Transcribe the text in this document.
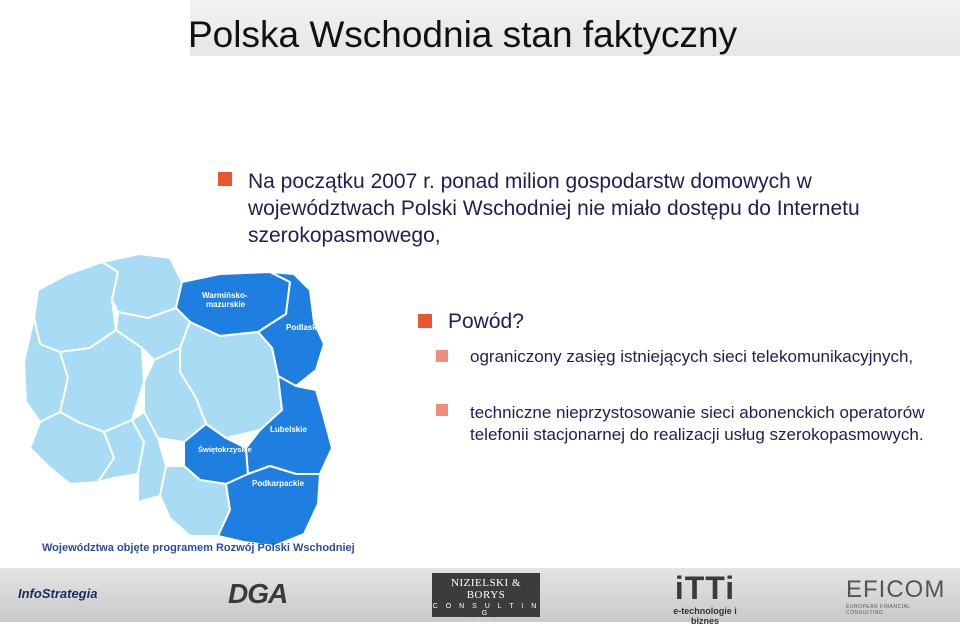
Polska Wschodnia stan faktyczny
Na początku 2007 r. ponad milion gospodarstw domowych w województwach Polski Wschodniej nie miało dostępu do Internetu szerokopasmowego,
Warmińsko-
mazurskie
Podlaskie
Lubelskie
Świętokrzyskie
Podkarpackie
Województwa objęte programem Rozwój Polski Wschodniej
Powód?
ograniczony zasięg istniejących sieci telekomunikacyjnych,
techniczne nieprzystosowanie sieci abonenckich operatorów telefonii stacjonarnej do realizacji usług szerokopasmowych.
InfoStrategia	DGA	NIZIELSKI & BORYS
C O N S U L T I N G
Spółka Jawna
iTTi
e-technologie i biznes
EFICOM
EUROPEAN FINANCIAL CONSULTING
